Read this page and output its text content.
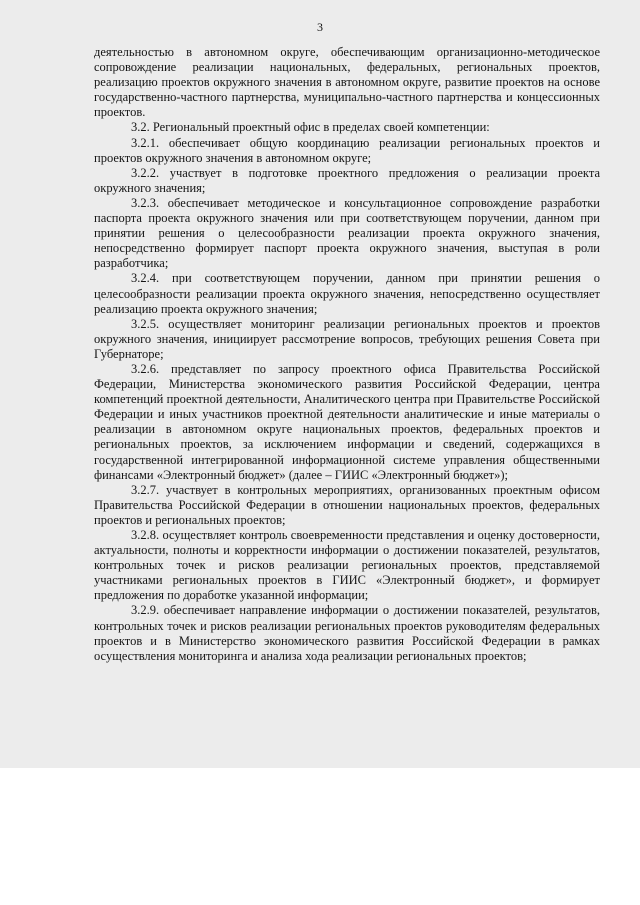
3

деятельностью в автономном округе, обеспечивающим организационно-методическое сопровождение реализации национальных, федеральных, региональных проектов, реализацию проектов окружного значения в автономном округе, развитие проектов на основе государственно-частного партнерства, муниципально-частного партнерства и концессионных проектов.

3.2. Региональный проектный офис в пределах своей компетенции:

3.2.1. обеспечивает общую координацию реализации региональных проектов и проектов окружного значения в автономном округе;

3.2.2. участвует в подготовке проектного предложения о реализации проекта окружного значения;

3.2.3. обеспечивает методическое и консультационное сопровождение разработки паспорта проекта окружного значения или при соответствующем поручении, данном при принятии решения о целесообразности реализации проекта окружного значения, непосредственно формирует паспорт проекта окружного значения, выступая в роли разработчика;

3.2.4. при соответствующем поручении, данном при принятии решения о целесообразности реализации проекта окружного значения, непосредственно осуществляет реализацию проекта окружного значения;

3.2.5. осуществляет мониторинг реализации региональных проектов и проектов окружного значения, инициирует рассмотрение вопросов, требующих решения Совета при Губернаторе;

3.2.6. представляет по запросу проектного офиса Правительства Российской Федерации, Министерства экономического развития Российской Федерации, центра компетенций проектной деятельности, Аналитического центра при Правительстве Российской Федерации и иных участников проектной деятельности аналитические и иные материалы о реализации в автономном округе национальных проектов, федеральных проектов и региональных проектов, за исключением информации и сведений, содержащихся в государственной интегрированной информационной системе управления общественными финансами «Электронный бюджет» (далее – ГИИС «Электронный бюджет»);

3.2.7. участвует в контрольных мероприятиях, организованных проектным офисом Правительства Российской Федерации в отношении национальных проектов, федеральных проектов и региональных проектов;

3.2.8. осуществляет контроль своевременности представления и оценку достоверности, актуальности, полноты и корректности информации о достижении показателей, результатов, контрольных точек и рисков реализации региональных проектов, представляемой участниками региональных проектов в ГИИС «Электронный бюджет», и формирует предложения по доработке указанной информации;

3.2.9. обеспечивает направление информации о достижении показателей, результатов, контрольных точек и рисков реализации региональных проектов руководителям федеральных проектов и в Министерство экономического развития Российской Федерации в рамках осуществления мониторинга и анализа хода реализации региональных проектов;
